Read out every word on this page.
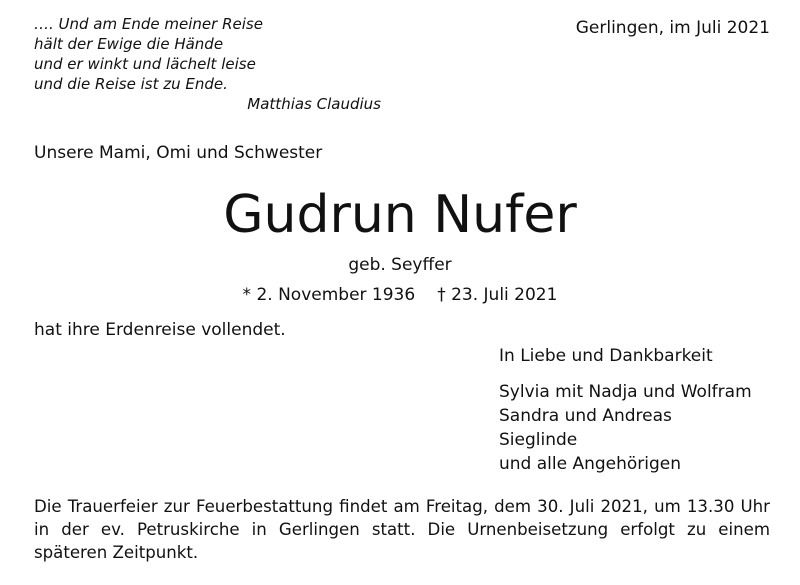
…. Und am Ende meiner Reise
hält der Ewige die Hände
und er winkt und lächelt leise
und die Reise ist zu Ende.
Matthias Claudius
Gerlingen, im Juli 2021
Unsere Mami, Omi und Schwester
Gudrun Nufer
geb. Seyffer
* 2. November 1936 † 23. Juli 2021
hat ihre Erdenreise vollendet.
In Liebe und Dankbarkeit
Sylvia mit Nadja und Wolfram
Sandra und Andreas
Sieglinde
und alle Angehörigen
Die Trauerfeier zur Feuerbestattung findet am Freitag, dem 30. Juli 2021, um 13.30 Uhr in der ev. Petruskirche in Gerlingen statt. Die Urnenbeisetzung erfolgt zu einem späteren Zeitpunkt.
